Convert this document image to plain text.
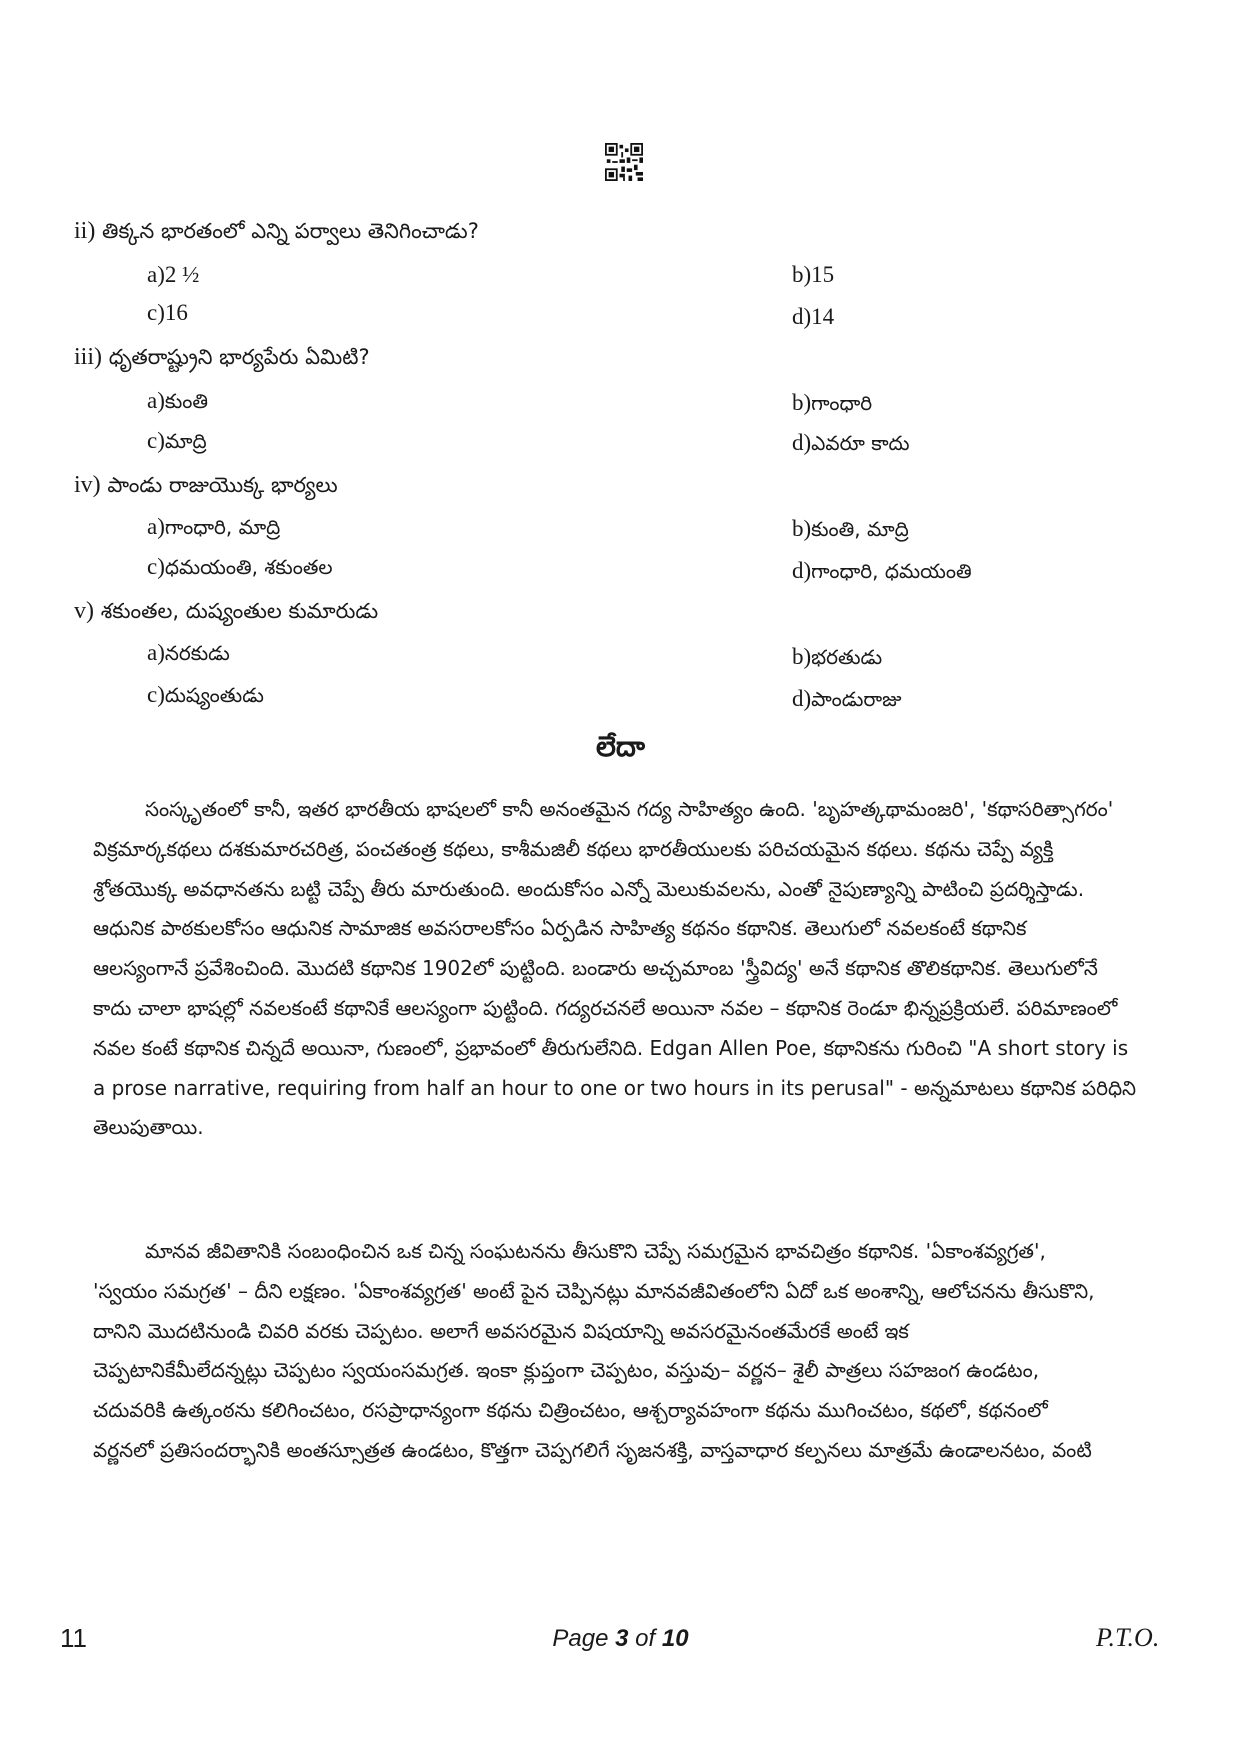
ii) తిక్కన భారతంలో ఎన్ని పర్వాలు తెనిగించాడు?
a)2 ½	b)15
c)16	d)14
iii) ధృతరాష్ట్రుని భార్యపేరు ఏమిటి?
a)కుంతి	b)గాంధారి
c)మాద్రి	d)ఎవరూ కాదు
iv) పాండు రాజుయొక్క భార్యలు
a)గాంధారి, మాద్రి	b)కుంతి, మాద్రి
c)ధమయంతి, శకుంతల	d)గాంధారి, ధమయంతి
v) శకుంతల, దుష్యంతుల కుమారుడు
a)నరకుడు	b)భరతుడు
c)దుష్యంతుడు	d)పాండురాజు
లేదా
సంస్కృతంలో కానీ, ఇతర భారతీయ భాషలలో కానీ అనంతమైన గద్య సాహిత్యం ఉంది. 'బృహత్కథామంజరి', 'కథాసరిత్సాగరం'
విక్రమార్కకథలు దశకుమారచరిత్ర, పంచతంత్ర కథలు, కాశీమజిలీ కథలు భారతీయులకు పరిచయమైన కథలు. కథను చెప్పే వ్యక్తి
శ్రోతయొక్క అవధానతను బట్టి చెప్పే తీరు మారుతుంది. అందుకోసం ఎన్నో మెలుకువలను, ఎంతో నైపుణ్యాన్ని పాటించి ప్రదర్శిస్తాడు.
ఆధునిక పాఠకులకోసం ఆధునిక సామాజిక అవసరాలకోసం ఏర్పడిన సాహిత్య కథనం కథానిక. తెలుగులో నవలకంటే కథానిక
ఆలస్యంగానే ప్రవేశించింది. మొదటి కథానిక 1902లో పుట్టింది. బండారు అచ్చమాంబ 'స్త్రీవిద్య' అనే కథానిక తొలికథానిక. తెలుగులోనే
కాదు చాలా భాషల్లో నవలకంటే కథానికే ఆలస్యంగా పుట్టింది. గద్యరచనలే అయినా నవల – కథానిక రెండూ భిన్నప్రక్రియలే. పరిమాణంలో
నవల కంటే కథానిక చిన్నదే అయినా, గుణంలో, ప్రభావంలో తీరుగులేనిది. Edgan Allen Poe, కథానికను గురించి "A short story is
a prose narrative, requiring from half an hour to one or two hours in its perusal" - అన్నమాటలు కథానిక పరిధిని
తెలుపుతాయి.
మానవ జీవితానికి సంబంధించిన ఒక చిన్న సంఘటనను తీసుకొని చెప్పే సమగ్రమైన భావచిత్రం కథానిక. 'ఏకాంశవ్యగ్రత',
'స్వయం సమగ్రత' – దీని లక్షణం. 'ఏకాంశవ్యగ్రత' అంటే పైన చెప్పినట్లు మానవజీవితంలోని ఏదో ఒక అంశాన్ని, ఆలోచనను తీసుకొని,
దానిని మొదటినుండి చివరి వరకు చెప్పటం. అలాగే అవసరమైన విషయాన్ని అవసరమైనంతమేరకే అంటే ఇక
చెప్పటానికేమీలేదన్నట్లు చెప్పటం స్వయంసమగ్రత. ఇంకా క్లుప్తంగా చెప్పటం, వస్తువు– వర్ణన– శైలీ పాత్రలు సహజంగ ఉండటం,
చదువరికి ఉత్కంఠను కలిగించటం, రసప్రాధాన్యంగా కథను చిత్రించటం, ఆశ్చర్యావహంగా కథను ముగించటం, కథలో, కథనంలో
వర్ణనలో ప్రతిసందర్భానికి అంతస్సూత్రత ఉండటం, కొత్తగా చెప్పగలిగే సృజనశక్తి, వాస్తవాధార కల్పనలు మాత్రమే ఉండాలనటం, వంటి
11	Page 3 of 10	P.T.O.
